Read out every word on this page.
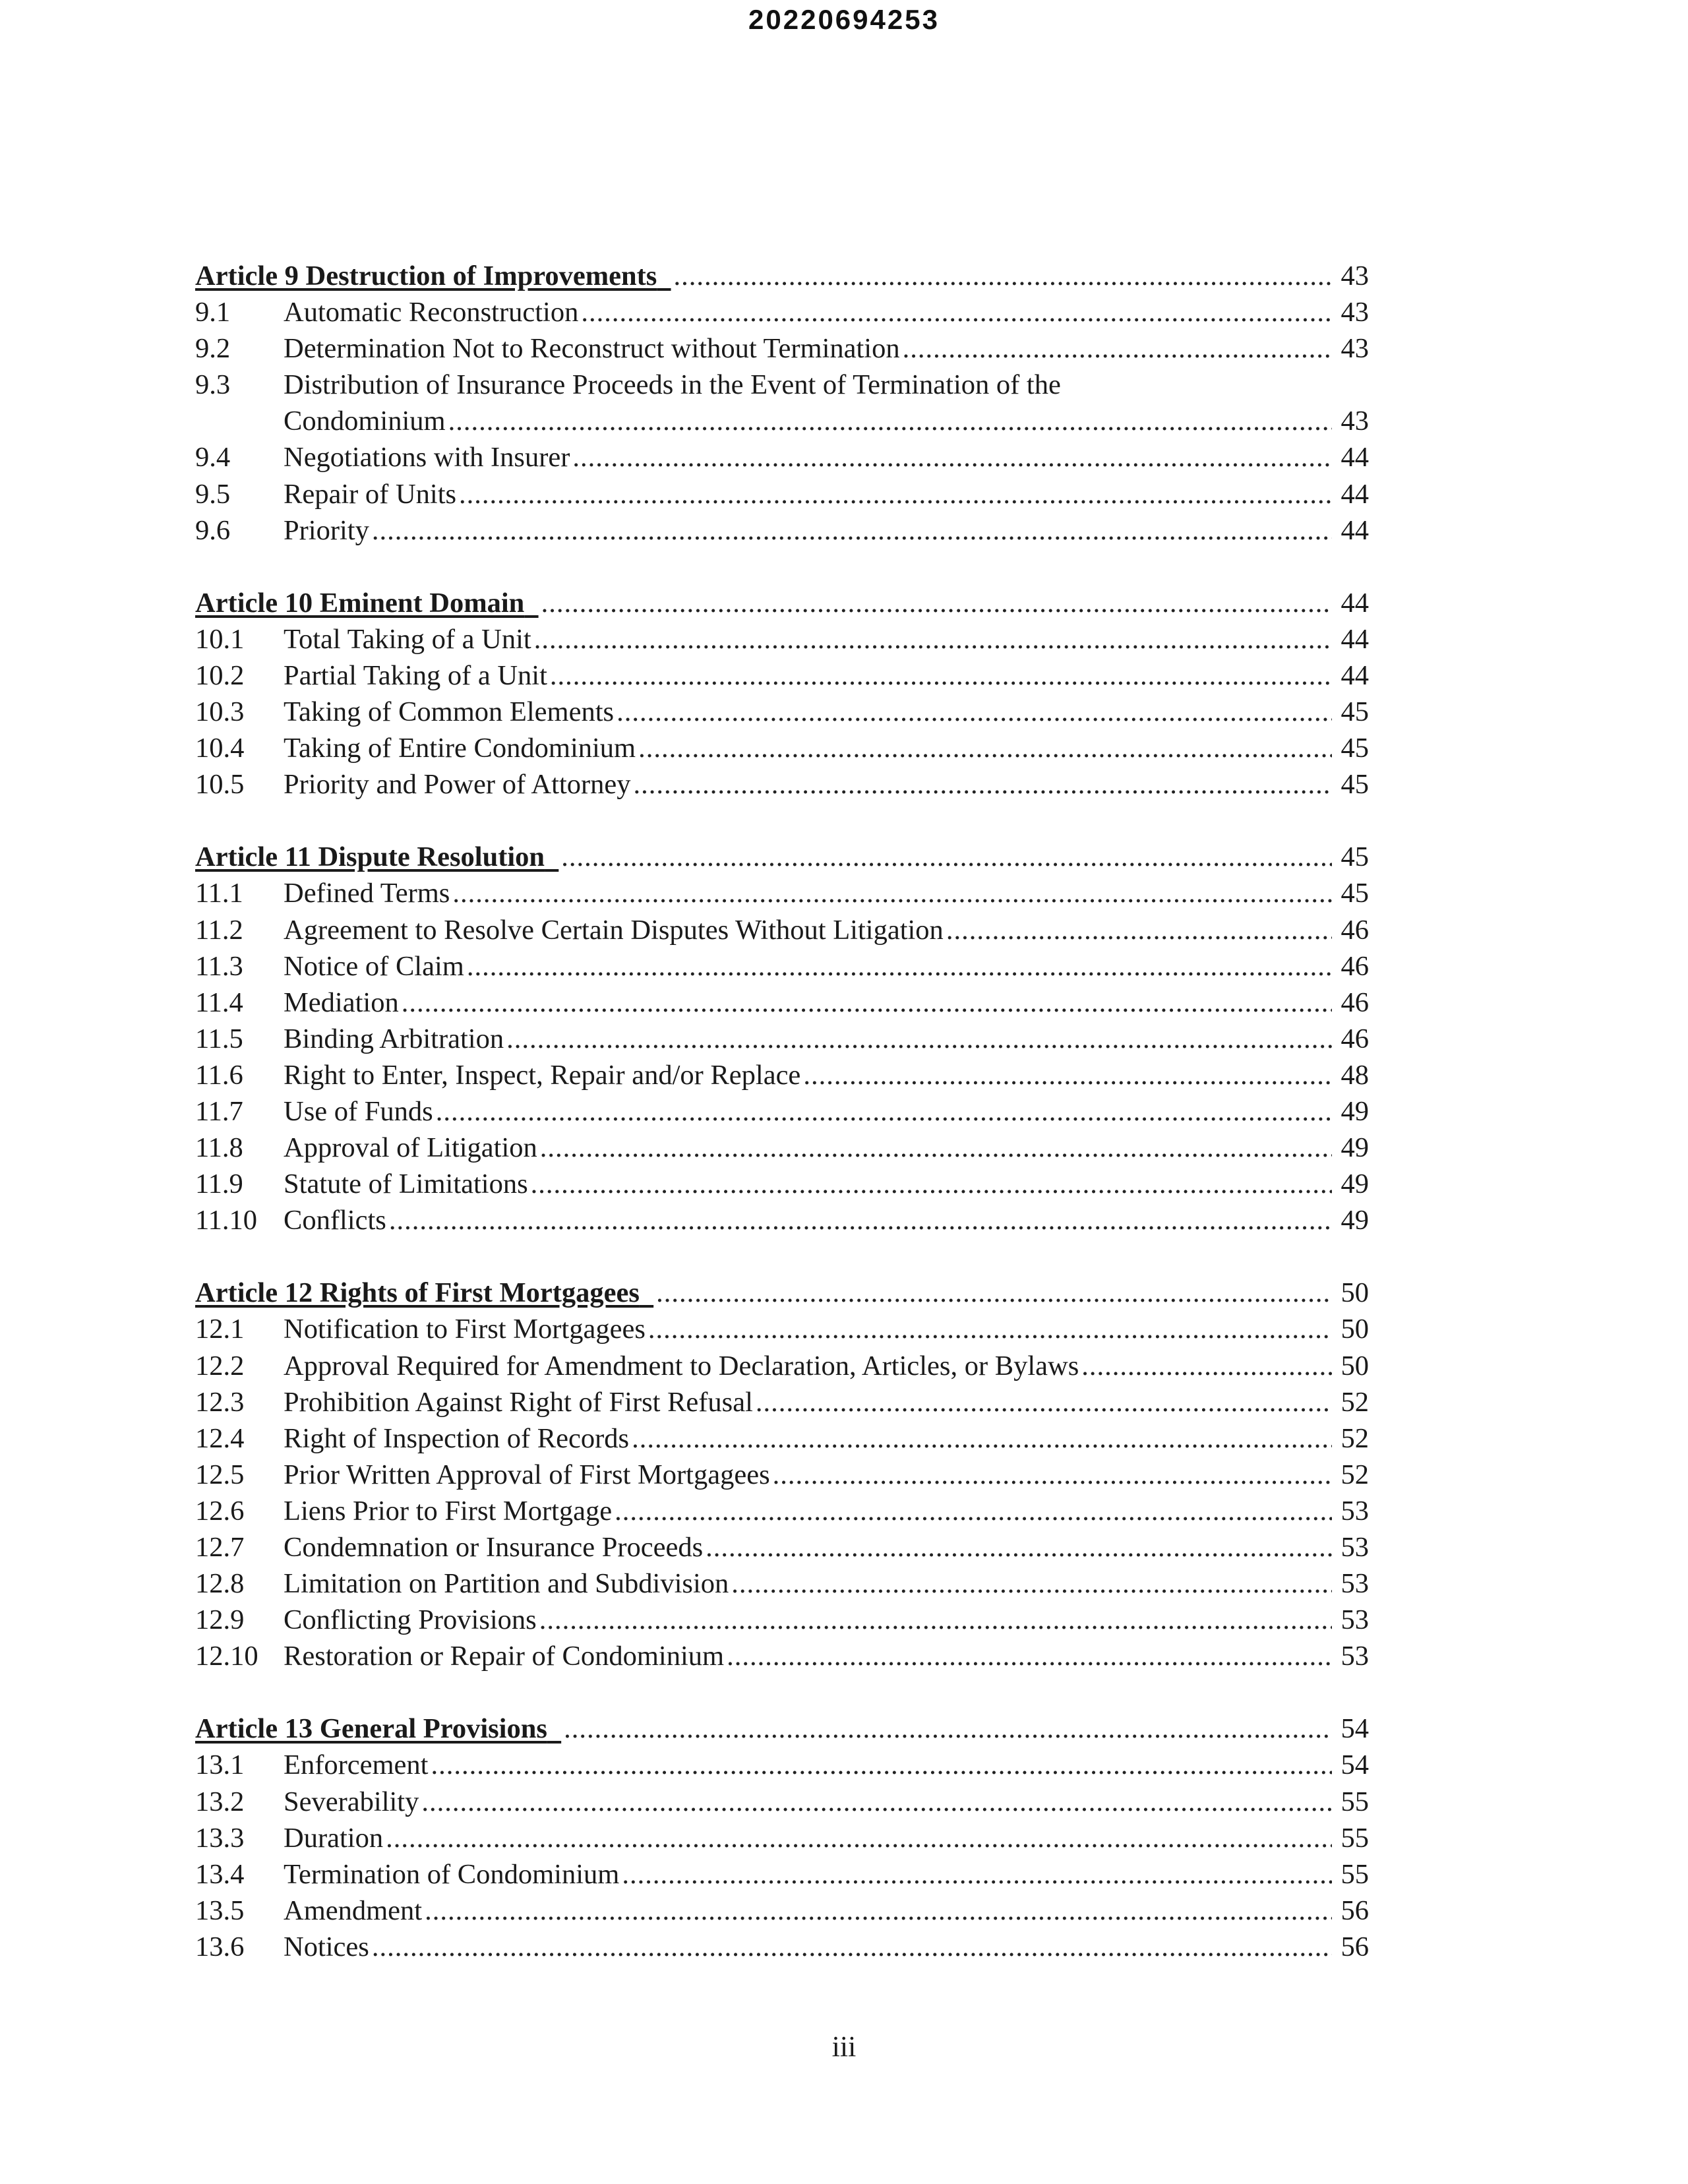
20220694253
Article 9 Destruction of Improvements .....	43
9.1	Automatic Reconstruction .....	43
9.2	Determination Not to Reconstruct without Termination .....	43
9.3	Distribution of Insurance Proceeds in the Event of Termination of the
Condominium .....	43
9.4	Negotiations with Insurer .....	44
9.5	Repair of Units .....	44
9.6	Priority .....	44
Article 10 Eminent Domain .....	44
10.1	Total Taking of a Unit .....	44
10.2	Partial Taking of a Unit .....	44
10.3	Taking of Common Elements .....	45
10.4	Taking of Entire Condominium .....	45
10.5	Priority and Power of Attorney .....	45
Article 11 Dispute Resolution .....	45
11.1	Defined Terms .....	45
11.2	Agreement to Resolve Certain Disputes Without Litigation .....	46
11.3	Notice of Claim .....	46
11.4	Mediation .....	46
11.5	Binding Arbitration .....	46
11.6	Right to Enter, Inspect, Repair and/or Replace .....	48
11.7	Use of Funds .....	49
11.8	Approval of Litigation .....	49
11.9	Statute of Limitations .....	49
11.10 Conflicts .....	49
Article 12 Rights of First Mortgagees .....	50
12.1	Notification to First Mortgagees .....	50
12.2	Approval Required for Amendment to Declaration, Articles, or Bylaws .....	50
12.3	Prohibition Against Right of First Refusal .....	52
12.4	Right of Inspection of Records .....	52
12.5	Prior Written Approval of First Mortgagees .....	52
12.6	Liens Prior to First Mortgage .....	53
12.7	Condemnation or Insurance Proceeds .....	53
12.8	Limitation on Partition and Subdivision .....	53
12.9	Conflicting Provisions .....	53
12.10 Restoration or Repair of Condominium .....	53
Article 13 General Provisions .....	54
13.1	Enforcement .....	54
13.2	Severability .....	55
13.3	Duration .....	55
13.4	Termination of Condominium .....	55
13.5	Amendment .....	56
13.6	Notices .....	56
iii
